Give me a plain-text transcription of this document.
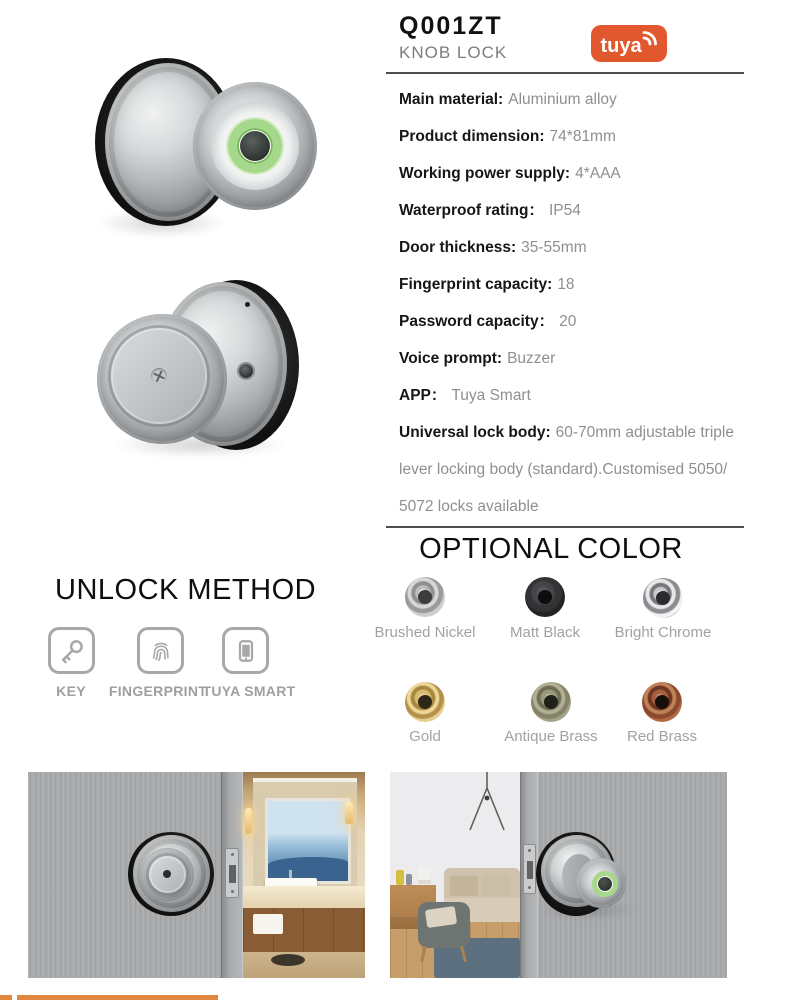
Q001ZT
KNOB LOCK	tuya
Main material: Aluminium alloy
Product dimension: 74*81mm
Working power supply: 4*AAA
Waterproof rating： IP54
Door thickness: 35-55mm
Fingerprint capacity: 18
Password capacity： 20
Voice prompt: Buzzer
APP： Tuya Smart
Universal lock body: 60-70mm adjustable triple lever locking body (standard).Customised 5050/ 5072 locks available
OPTIONAL COLOR
Brushed Nickel	Matt Black	Bright Chrome
Gold	Antique Brass	Red Brass
UNLOCK METHOD
KEY	FINGERPRINT
TUYA SMART
